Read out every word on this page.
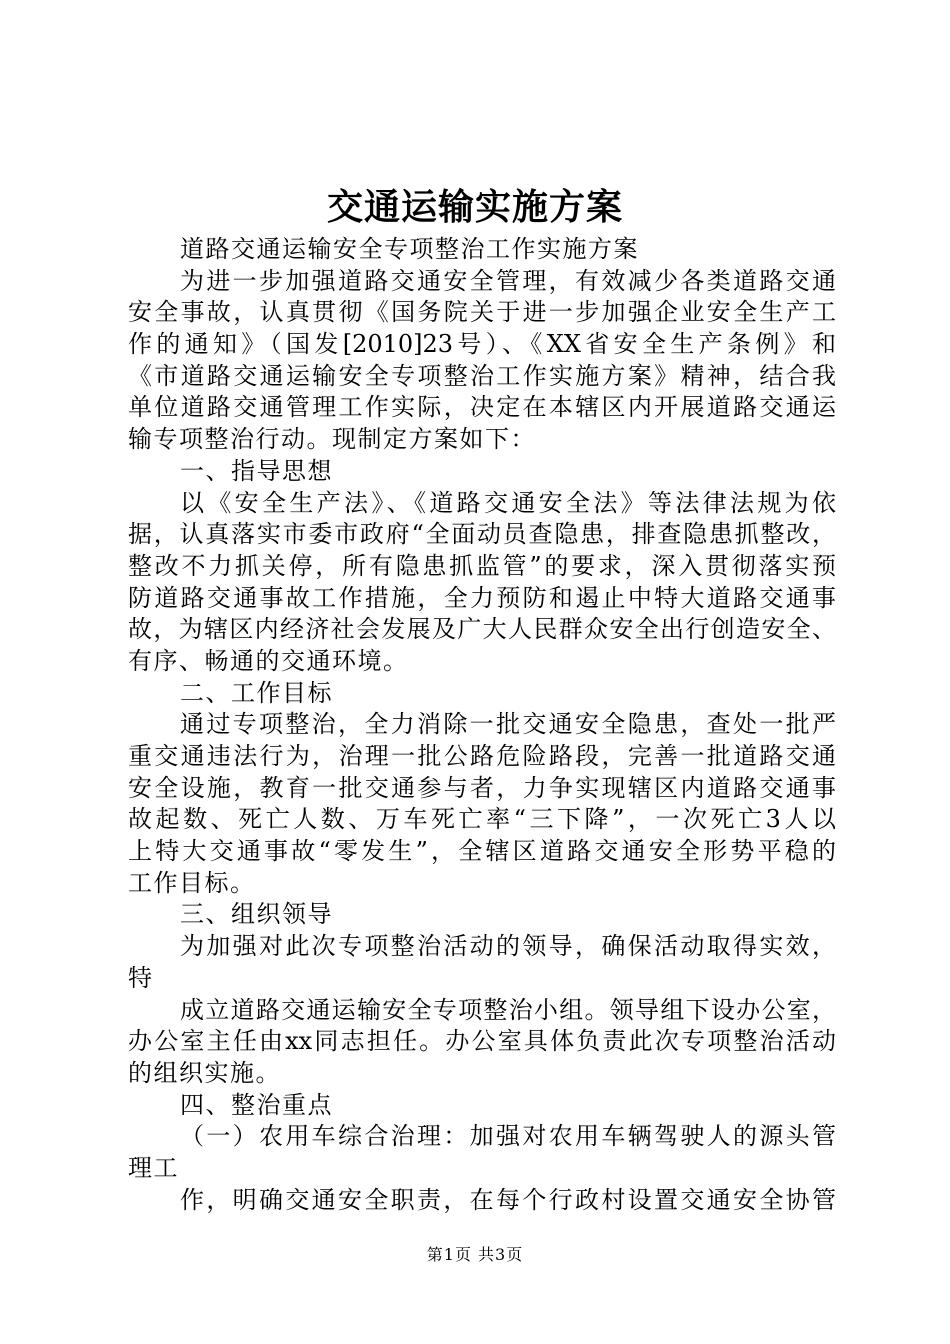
交通运输实施方案
道路交通运输安全专项整治工作实施方案
为进一步加强道路交通安全管理，有效减少各类道路交通
安全事故，认真贯彻《国务院关于进一步加强企业安全生产工
作的通知》（国发[2010]23号）、《XX省安全生产条例》和
《市道路交通运输安全专项整治工作实施方案》精神，结合我
单位道路交通管理工作实际，决定在本辖区内开展道路交通运
输专项整治行动。现制定方案如下：
一、指导思想
以《安全生产法》、《道路交通安全法》等法律法规为依
据，认真落实市委市政府“全面动员查隐患，排查隐患抓整改，
整改不力抓关停，所有隐患抓监管”的要求，深入贯彻落实预
防道路交通事故工作措施，全力预防和遏止中特大道路交通事
故，为辖区内经济社会发展及广大人民群众安全出行创造安全、
有序、畅通的交通环境。
二、工作目标
通过专项整治，全力消除一批交通安全隐患，查处一批严
重交通违法行为，治理一批公路危险路段，完善一批道路交通
安全设施，教育一批交通参与者，力争实现辖区内道路交通事
故起数、死亡人数、万车死亡率“三下降”，一次死亡3人以
上特大交通事故“零发生”，全辖区道路交通安全形势平稳的
工作目标。
三、组织领导
为加强对此次专项整治活动的领导，确保活动取得实效，
特
成立道路交通运输安全专项整治小组。领导组下设办公室，
办公室主任由xx同志担任。办公室具体负责此次专项整治活动
的组织实施。
四、整治重点
（一）农用车综合治理：加强对农用车辆驾驶人的源头管
理工
作，明确交通安全职责，在每个行政村设置交通安全协管
第1页 共3页
